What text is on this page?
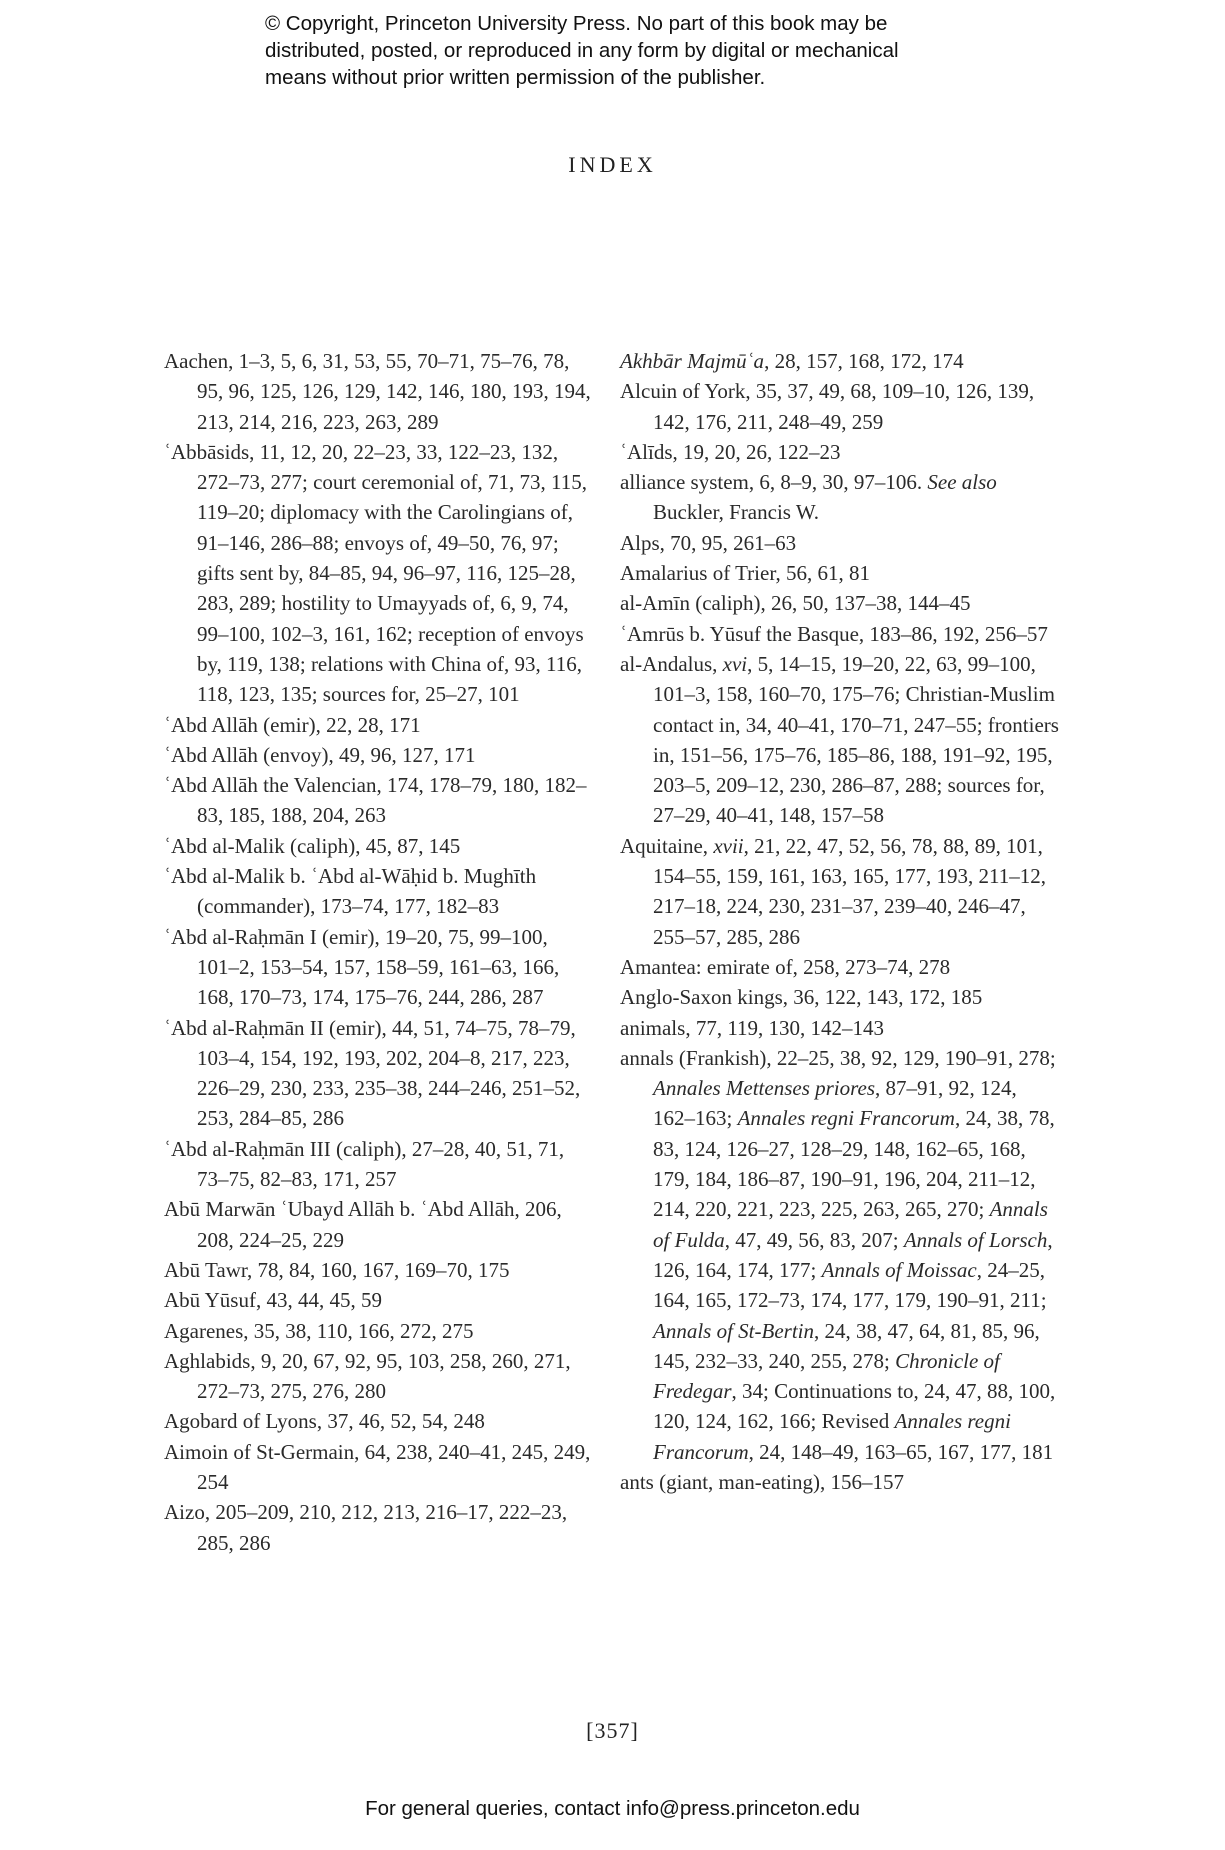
© Copyright, Princeton University Press. No part of this book may be
distributed, posted, or reproduced in any form by digital or mechanical
means without prior written permission of the publisher.
INDEX

Aachen, 1–3, 5, 6, 31, 53, 55, 70–71, 75–76, 78, 95, 96, 125, 126, 129, 142, 146, 180, 193, 194, 213, 214, 216, 223, 263, 289

ʿAbbāsids, 11, 12, 20, 22–23, 33, 122–23, 132, 272–73, 277; court ceremonial of, 71, 73, 115, 119–20; diplomacy with the Carolingians of, 91–146, 286–88; envoys of, 49–50, 76, 97; gifts sent by, 84–85, 94, 96–97, 116, 125–28, 283, 289; hostility to Umayyads of, 6, 9, 74, 99–100, 102–3, 161, 162; reception of envoys by, 119, 138; relations with China of, 93, 116, 118, 123, 135; sources for, 25–27, 101

ʿAbd Allāh (emir), 22, 28, 171

ʿAbd Allāh (envoy), 49, 96, 127, 171

ʿAbd Allāh the Valencian, 174, 178–79, 180, 182–83, 185, 188, 204, 263

ʿAbd al-Malik (caliph), 45, 87, 145

ʿAbd al-Malik b. ʿAbd al-Wāḥid b. Mughīth (commander), 173–74, 177, 182–83

ʿAbd al-Raḥmān I (emir), 19–20, 75, 99–100, 101–2, 153–54, 157, 158–59, 161–63, 166, 168, 170–73, 174, 175–76, 244, 286, 287

ʿAbd al-Raḥmān II (emir), 44, 51, 74–75, 78–79, 103–4, 154, 192, 193, 202, 204–8, 217, 223, 226–29, 230, 233, 235–38, 244–246, 251–52, 253, 284–85, 286

ʿAbd al-Raḥmān III (caliph), 27–28, 40, 51, 71, 73–75, 82–83, 171, 257

Abū Marwān ʿUbayd Allāh b. ʿAbd Allāh, 206, 208, 224–25, 229

Abū Tawr, 78, 84, 160, 167, 169–70, 175

Abū Yūsuf, 43, 44, 45, 59

Agarenes, 35, 38, 110, 166, 272, 275

Aghlabids, 9, 20, 67, 92, 95, 103, 258, 260, 271, 272–73, 275, 276, 280

Agobard of Lyons, 37, 46, 52, 54, 248

Aimoin of St-Germain, 64, 238, 240–41, 245, 249, 254

Aizo, 205–209, 210, 212, 213, 216–17, 222–23, 285, 286

Akhbār Majmūʿa, 28, 157, 168, 172, 174

Alcuin of York, 35, 37, 49, 68, 109–10, 126, 139, 142, 176, 211, 248–49, 259

ʿAlīds, 19, 20, 26, 122–23

alliance system, 6, 8–9, 30, 97–106. See also Buckler, Francis W.

Alps, 70, 95, 261–63

Amalarius of Trier, 56, 61, 81

al-Amīn (caliph), 26, 50, 137–38, 144–45

ʿAmrūs b. Yūsuf the Basque, 183–86, 192, 256–57

al-Andalus, xvi, 5, 14–15, 19–20, 22, 63, 99–100, 101–3, 158, 160–70, 175–76; Christian-Muslim contact in, 34, 40–41, 170–71, 247–55; frontiers in, 151–56, 175–76, 185–86, 188, 191–92, 195, 203–5, 209–12, 230, 286–87, 288; sources for, 27–29, 40–41, 148, 157–58

Aquitaine, xvii, 21, 22, 47, 52, 56, 78, 88, 89, 101, 154–55, 159, 161, 163, 165, 177, 193, 211–12, 217–18, 224, 230, 231–37, 239–40, 246–47, 255–57, 285, 286

Amantea: emirate of, 258, 273–74, 278

Anglo-Saxon kings, 36, 122, 143, 172, 185

animals, 77, 119, 130, 142–143

annals (Frankish), 22–25, 38, 92, 129, 190–91, 278; Annales Mettenses priores, 87–91, 92, 124, 162–163; Annales regni Francorum, 24, 38, 78, 83, 124, 126–27, 128–29, 148, 162–65, 168, 179, 184, 186–87, 190–91, 196, 204, 211–12, 214, 220, 221, 223, 225, 263, 265, 270; Annals of Fulda, 47, 49, 56, 83, 207; Annals of Lorsch, 126, 164, 174, 177; Annals of Moissac, 24–25, 164, 165, 172–73, 174, 177, 179, 190–91, 211; Annals of St-Bertin, 24, 38, 47, 64, 81, 85, 96, 145, 232–33, 240, 255, 278; Chronicle of Fredegar, 34; Continuations to, 24, 47, 88, 100, 120, 124, 162, 166; Revised Annales regni Francorum, 24, 148–49, 163–65, 167, 177, 181

ants (giant, man-eating), 156–157

[357]
For general queries, contact info@press.princeton.edu
